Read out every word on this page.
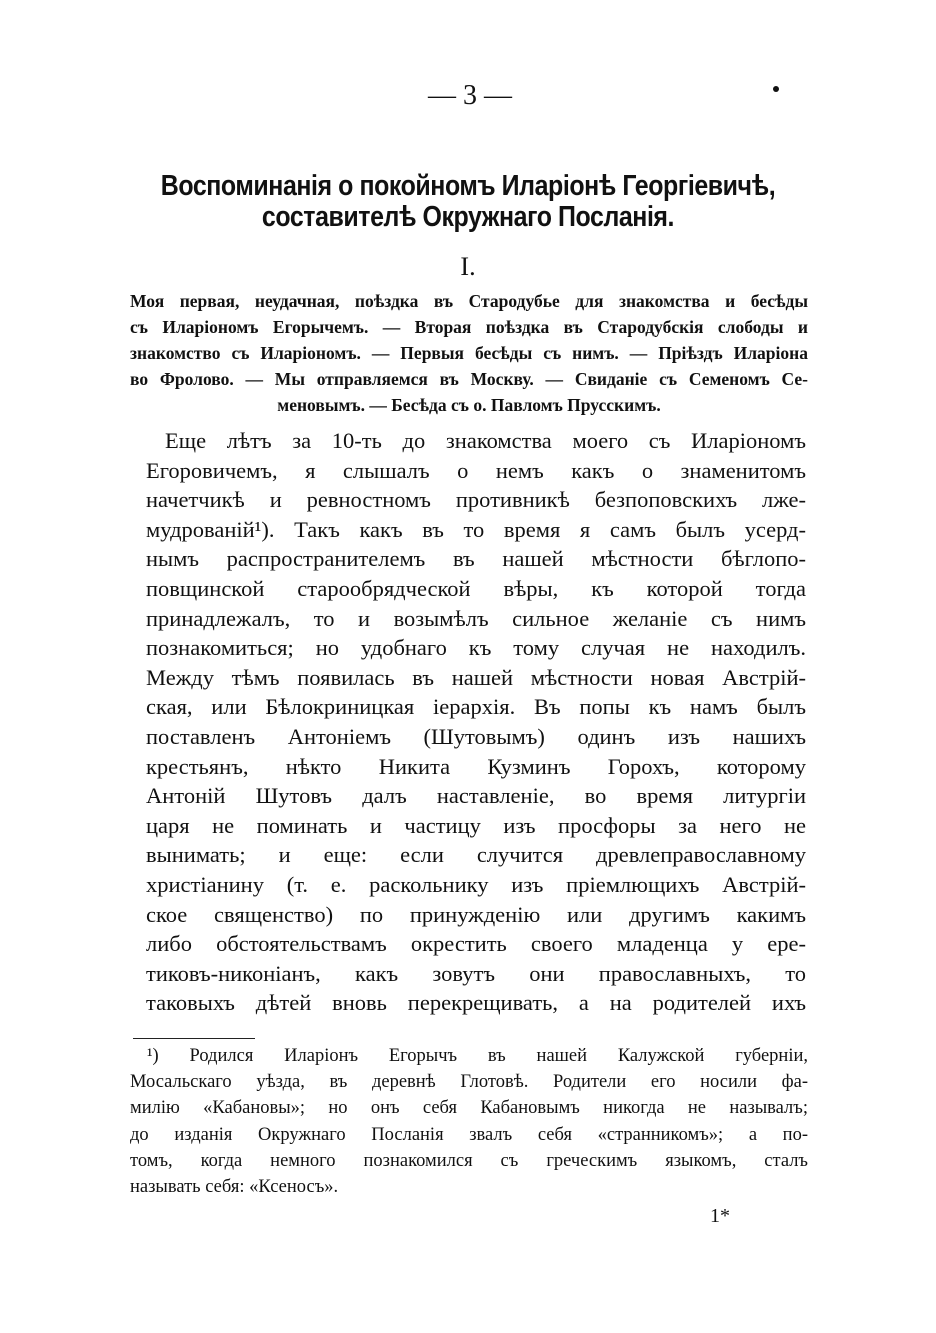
— 3 —
Воспоминанія о покойномъ Иларіонѣ Георгіевичѣ,
составителѣ Окружнаго Посланія.
I.
Моя первая, неудачная, поѣздка въ Стародубье для знакомства и бесѣды
съ Иларіономъ Егорычемъ. — Вторая поѣздка въ Стародубскія слободы и
знакомство съ Иларіономъ. — Первыя бесѣды съ нимъ. — Пріѣздъ Иларіона
во Фролово. — Мы отправляемся въ Москву. — Свиданіе съ Семеномъ Се-
меновымъ. — Бесѣда съ о. Павломъ Прусскимъ.
Еще лѣтъ за 10-ть до знакомства моего съ Иларіономъ
Егоровичемъ, я слышалъ о немъ какъ о знаменитомъ
начетчикѣ и ревностномъ противникѣ безпоповскихъ лже-
мудрованій¹). Такъ какъ въ то время я самъ былъ усерд-
нымъ распространителемъ въ нашей мѣстности бѣглопо-
повщинской старообрядческой вѣры, къ которой тогда
принадлежалъ, то и возымѣлъ сильное желаніе съ нимъ
познакомиться; но удобнаго къ тому случая не находилъ.
Между тѣмъ появилась въ нашей мѣстности новая Австрій-
ская, или Бѣлокриницкая іерархія. Въ попы къ намъ былъ
поставленъ Антоніемъ (Шутовымъ) одинъ изъ нашихъ
крестьянъ, нѣкто Никита Кузминъ Горохъ, которому
Антоній Шутовъ далъ наставленіе, во время литургіи
царя не поминать и частицу изъ просфоры за него не
вынимать; и еще: если случится древлеправославному
христіанину (т. е. раскольнику изъ пріемлющихъ Австрій-
ское священство) по принужденію или другимъ какимъ
либо обстоятельствамъ окрестить своего младенца у ере-
тиковъ-никоніанъ, какъ зовутъ они православныхъ, то
таковыхъ дѣтей вновь перекрещивать, а на родителей ихъ
¹) Родился Иларіонъ Егорычъ въ нашей Калужской губерніи,
Мосальскаго уѣзда, въ деревнѣ Глотовѣ. Родители его носили фа-
милію «Кабановы»; но онъ себя Кабановымъ никогда не называлъ;
до изданія Окружнаго Посланія звалъ себя «странникомъ»; а по-
томъ, когда немного познакомился съ греческимъ языкомъ, сталъ
называть себя: «Ксеносъ».
1*
